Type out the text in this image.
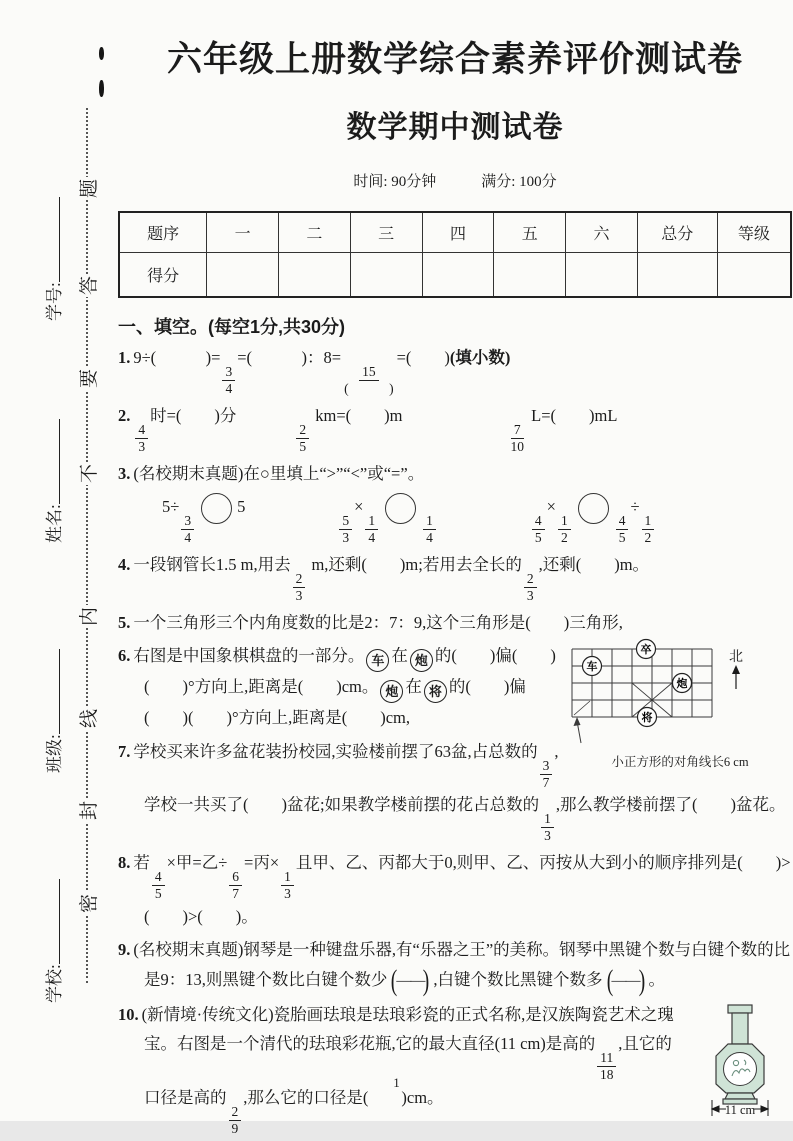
学校:
班级:
姓名:
学号:
密
封
线
内
不
要
答
题
六年级上册数学综合素养评价测试卷
数学期中测试卷
时间: 90分钟　　　满分: 100分
题序	一	二	三	四	五	六	总分	等级
得分								
一、填空。(每空1分,共30分)
1. 9÷(　　　)=
$\frac{3}{4}$
=(　　　)：8=
$\frac{15}{( )}$
=(　　)(填小数)
2.
$\frac{4}{3}$
时=(　　)分
$\frac{2}{5}$
km=(　　)m
$\frac{7}{10}$
L=(　　)mL
3. (名校期末真题)在○里填上“>”“<”或“=”。
5÷
$\frac{3}{4}$
5
$\frac{5}{3}$
×
$\frac{1}{4}$	$\frac{1}{4}$	$\frac{4}{5}$
×
$\frac{1}{2}$	$\frac{4}{5}$
÷
$\frac{1}{2}$
4. 一段钢管长1.5 m,用去
$\frac{2}{3}$
m,还剩(　　)m;若用去全长的
$\frac{2}{3}$
,还剩(　　)m。
5. 一个三角形三个内角度数的比是2：7：9,这个三角形是(　　)三角形,
北
卒
车
炮
将
小正方形的对角线长6 cm
6. 右图是中国象棋棋盘的一部分。 车 在 炮 的(　　)偏(　　)(　　)°方向上,距离是(　　)cm。 炮 在 将 的(　　)偏(　　)(　　)°方向上,距离是(　　)cm,
7. 学校买来许多盆花装扮校园,实验楼前摆了63盆,占总数的
$\frac{3}{7}$
,学校一共买了(　　)盆花;如果教学楼前摆的花占总数的
$\frac{1}{3}$
,那么教学楼前摆了(　　)盆花。
8. 若
$\frac{4}{5}$
×甲=乙÷
$\frac{6}{7}$
=丙×
$\frac{1}{3}$
且甲、乙、丙都大于0,则甲、乙、丙按从大到小的顺序排列是(　　)>(　　)>(　　)。
9. (名校期末真题)钢琴是一种键盘乐器,有“乐器之王”的美称。钢琴中黑键个数与白键个数的比是9：13,则黑键个数比白键个数少 (
——
) ,白键个数比黑键个数多 (
——
) 。
11 cm
10. (新情境·传统文化)瓷胎画珐琅是珐琅彩瓷的正式名称,是汉族陶瓷艺术之瑰宝。右图是一个清代的珐琅彩花瓶,它的最大直径(11 cm)是高的
$\frac{11}{18}$
,且它的口径是高的
$\frac{2}{9}$
,那么它的口径是(　　)cm。
1
